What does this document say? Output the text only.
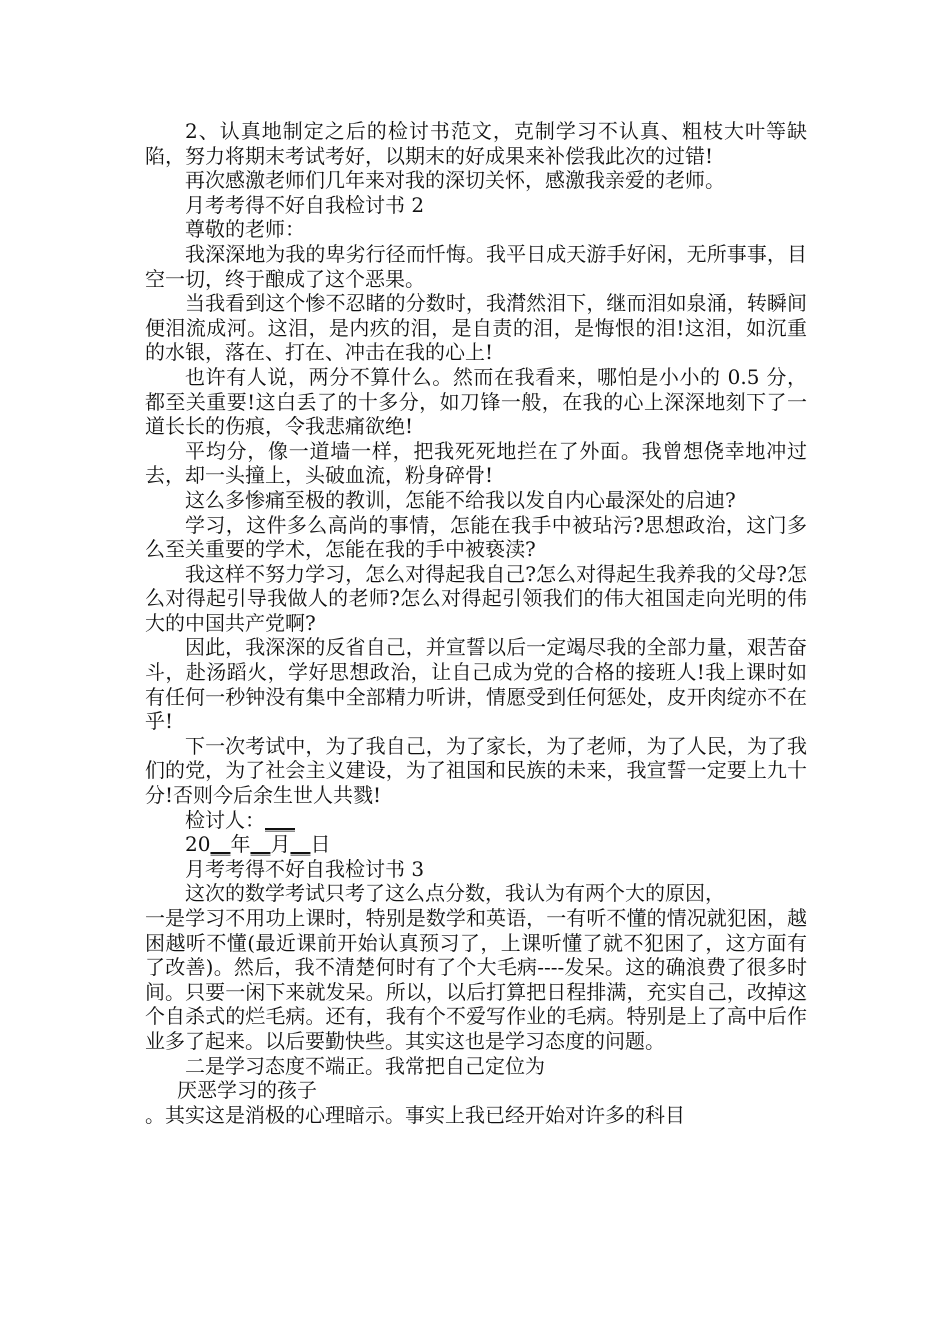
2、认真地制定之后的检讨书范文，克制学习不认真、粗枝大叶等缺陷，努力将期末考试考好，以期末的好成果来补偿我此次的过错!

再次感激老师们几年来对我的深切关怀，感激我亲爱的老师。

月考考得不好自我检讨书 2

尊敬的老师：

我深深地为我的卑劣行径而忏悔。我平日成天游手好闲，无所事事，目空一切，终于酿成了这个恶果。

当我看到这个惨不忍睹的分数时，我潸然泪下，继而泪如泉涌，转瞬间便泪流成河。这泪，是内疚的泪，是自责的泪，是悔恨的泪!这泪，如沉重的水银，落在、打在、冲击在我的心上!

也许有人说，两分不算什么。然而在我看来，哪怕是小小的 0.5 分，都至关重要!这白丢了的十多分，如刀锋一般，在我的心上深深地刻下了一道长长的伤痕，令我悲痛欲绝!

平均分，像一道墙一样，把我死死地拦在了外面。我曾想侥幸地冲过去，却一头撞上，头破血流，粉身碎骨!

这么多惨痛至极的教训，怎能不给我以发自内心最深处的启迪?

学习，这件多么高尚的事情，怎能在我手中被玷污?思想政治，这门多么至关重要的学术，怎能在我的手中被亵渎?

我这样不努力学习，怎么对得起我自己?怎么对得起生我养我的父母?怎么对得起引导我做人的老师?怎么对得起引领我们的伟大祖国走向光明的伟大的中国共产党啊?

因此，我深深的反省自己，并宣誓以后一定竭尽我的全部力量，艰苦奋斗，赴汤蹈火，学好思想政治，让自己成为党的合格的接班人!我上课时如有任何一秒钟没有集中全部精力听讲，情愿受到任何惩处，皮开肉绽亦不在乎!

下一次考试中，为了我自己，为了家长，为了老师，为了人民，为了我们的党，为了社会主义建设，为了祖国和民族的未来，我宣誓一定要上九十分!否则今后余生世人共戮!

检讨人：___

20__年__月__日

月考考得不好自我检讨书 3

这次的数学考试只考了这么点分数，我认为有两个大的原因，

一是学习不用功上课时，特别是数学和英语，一有听不懂的情况就犯困，越困越听不懂(最近课前开始认真预习了，上课听懂了就不犯困了，这方面有了改善)。然后，我不清楚何时有了个大毛病----发呆。这的确浪费了很多时间。只要一闲下来就发呆。所以，以后打算把日程排满，充实自己，改掉这个自杀式的烂毛病。还有，我有个不爱写作业的毛病。特别是上了高中后作业多了起来。以后要勤快些。其实这也是学习态度的问题。

二是学习态度不端正。我常把自己定位为

厌恶学习的孩子

。其实这是消极的心理暗示。事实上我已经开始对许多的科目
